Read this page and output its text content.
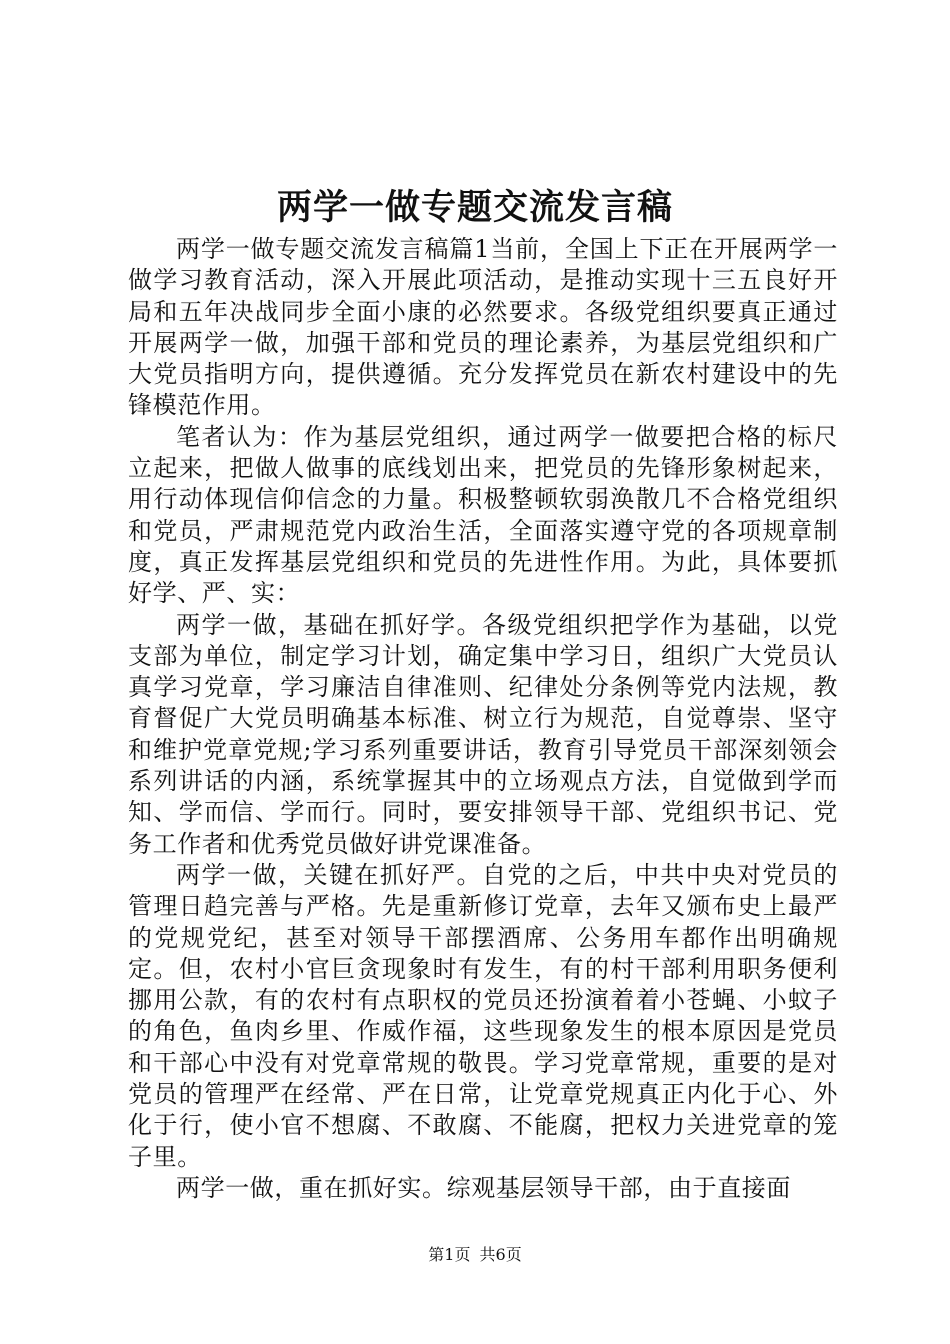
两学一做专题交流发言稿

两学一做专题交流发言稿篇1当前，全国上下正在开展两学一做学习教育活动，深入开展此项活动，是推动实现十三五良好开局和五年决战同步全面小康的必然要求。各级党组织要真正通过开展两学一做，加强干部和党员的理论素养，为基层党组织和广大党员指明方向，提供遵循。充分发挥党员在新农村建设中的先锋模范作用。

笔者认为：作为基层党组织，通过两学一做要把合格的标尺立起来，把做人做事的底线划出来，把党员的先锋形象树起来，用行动体现信仰信念的力量。积极整顿软弱涣散几不合格党组织和党员，严肃规范党内政治生活，全面落实遵守党的各项规章制度，真正发挥基层党组织和党员的先进性作用。为此，具体要抓好学、严、实：

两学一做，基础在抓好学。各级党组织把学作为基础，以党支部为单位，制定学习计划，确定集中学习日，组织广大党员认真学习党章，学习廉洁自律准则、纪律处分条例等党内法规，教育督促广大党员明确基本标准、树立行为规范，自觉尊崇、坚守和维护党章党规;学习系列重要讲话，教育引导党员干部深刻领会系列讲话的内涵，系统掌握其中的立场观点方法，自觉做到学而知、学而信、学而行。同时，要安排领导干部、党组织书记、党务工作者和优秀党员做好讲党课准备。

两学一做，关键在抓好严。自党的之后，中共中央对党员的管理日趋完善与严格。先是重新修订党章，去年又颁布史上最严的党规党纪，甚至对领导干部摆酒席、公务用车都作出明确规定。但，农村小官巨贪现象时有发生，有的村干部利用职务便利挪用公款，有的农村有点职权的党员还扮演着着小苍蝇、小蚊子的角色，鱼肉乡里、作威作福，这些现象发生的根本原因是党员和干部心中没有对党章常规的敬畏。学习党章常规，重要的是对党员的管理严在经常、严在日常，让党章党规真正内化于心、外化于行，使小官不想腐、不敢腐、不能腐，把权力关进党章的笼子里。

两学一做，重在抓好实。综观基层领导干部，由于直接面

第1页 共6页
